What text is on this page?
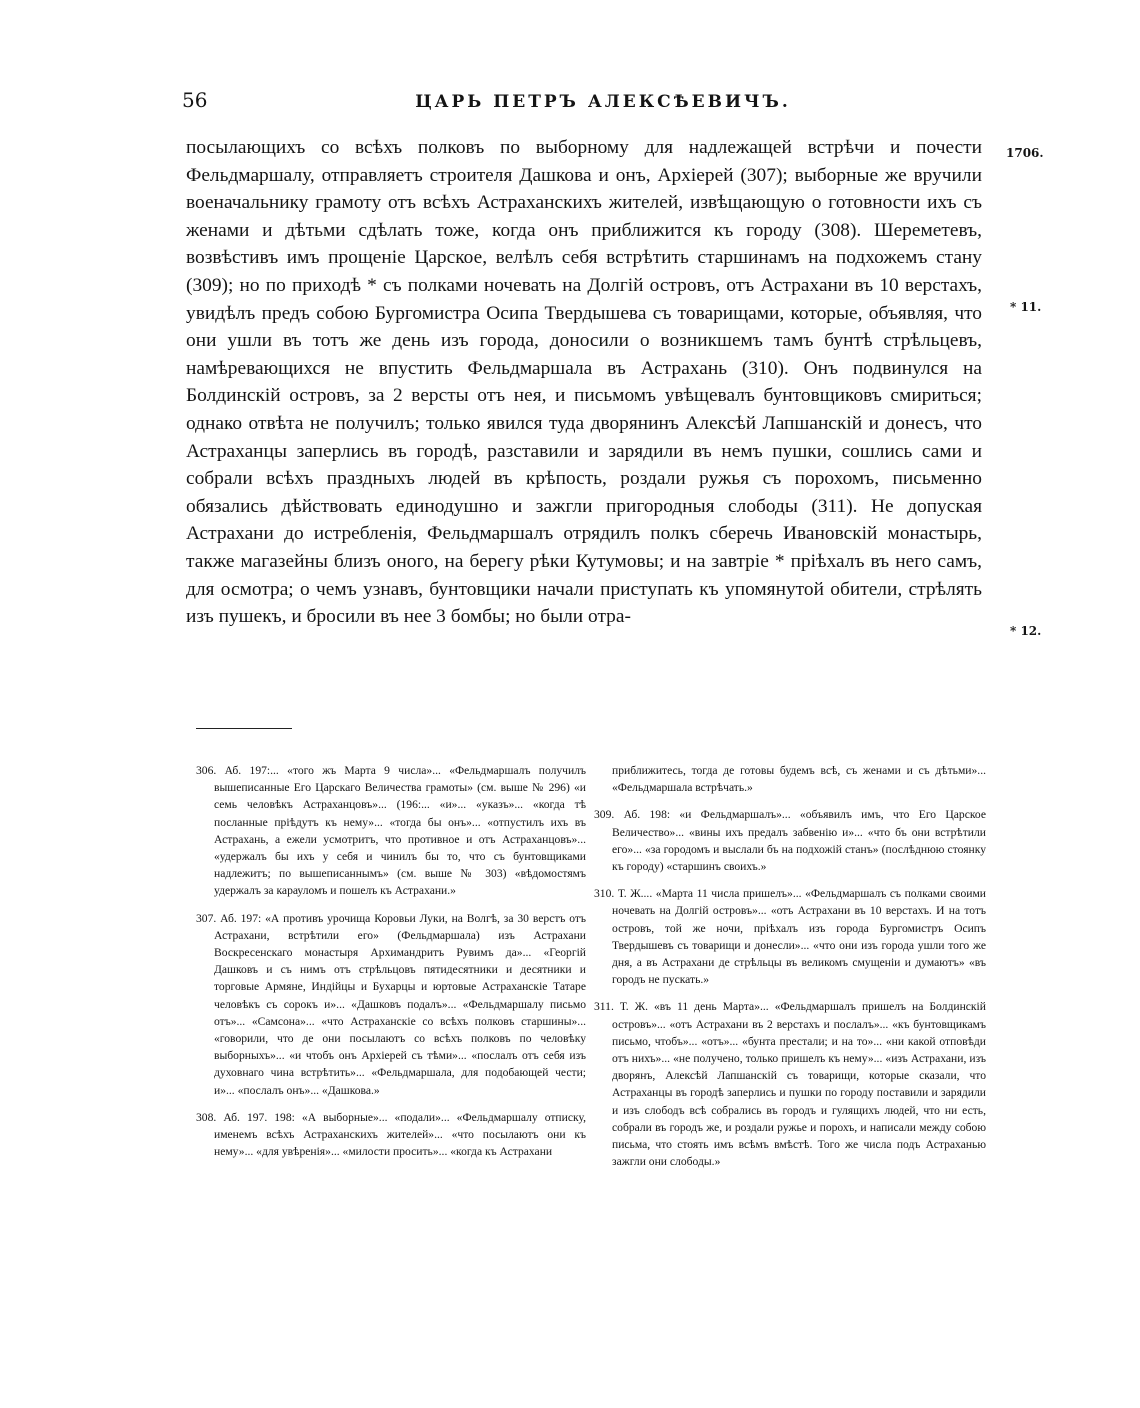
56	ЦАРЬ ПЕТРЪ АЛЕКСѢЕВИЧЪ.

посылающихъ со всѣхъ полковъ по выборному для надлежащей встрѣчи и почести Фельдмаршалу, отправляетъ строителя Дашкова и онъ, Архіерей (307); выборные же вручили военачальнику грамоту отъ всѣхъ Астраханскихъ жителей, извѣщающую о готовности ихъ съ женами и дѣтьми сдѣлать тоже, когда онъ приближится къ городу (308). Шереметевъ, возвѣстивъ имъ прощеніе Царское, велѣлъ себя встрѣтить старшинамъ на подхожемъ стану (309); но по приходѣ * съ полками ночевать на Долгій островъ, отъ Астрахани въ 10 верстахъ, увидѣлъ предъ собою Бургомистра Осипа Твердышева съ товарищами, которые, объявляя, что они ушли въ тотъ же день изъ города, доносили о возникшемъ тамъ бунтѣ стрѣльцевъ, намѣревающихся не впустить Фельдмаршала въ Астрахань (310). Онъ подвинулся на Болдинскій островъ, за 2 версты отъ нея, и письмомъ увѣщевалъ бунтовщиковъ смириться; однако отвѣта не получилъ; только явился туда дворянинъ Алексѣй Лапшанскій и донесъ, что Астраханцы заперлись въ городѣ, разставили и зарядили въ немъ пушки, сошлись сами и собрали всѣхъ праздныхъ людей въ крѣпость, роздали ружья съ порохомъ, письменно обязались дѣйствовать единодушно и зажгли пригородныя слободы (311). Не допуская Астрахани до истребленія, Фельдмаршалъ отрядилъ полкъ сберечь Ивановскій монастырь, также магазейны близъ оного, на берегу рѣки Кутумовы; и на завтріе * пріѣхалъ въ него самъ, для осмотра; о чемъ узнавъ, бунтовщики начали приступать къ упомянутой обители, стрѣлять изъ пушекъ, и бросили въ нее 3 бомбы; но были отра-

1706.
* 11.
* 12.

306. Аб. 197:... «того жъ Марта 9 числа»... «Фельдмаршалъ получилъ вышеписанные Его Царскаго Величества грамоты» (см. выше № 296) «и семь человѣкъ Астраханцовъ»... (196:... «и»... «указъ»... «когда тѣ посланные пріѣдутъ къ нему»... «тогда бы онъ»... «отпустилъ ихъ въ Астрахань, а ежели усмотритъ, что противное и отъ Астраханцовъ»... «удержалъ бы ихъ у себя и чинилъ бы то, что съ бунтовщиками надлежитъ; по вышеписаннымъ» (см. выше № 303) «вѣдомостямъ удержалъ за карауломъ и пошелъ къ Астрахани.»

307. Аб. 197: «А противъ урочища Коровьи Луки, на Волгѣ, за 30 верстъ отъ Астрахани, встрѣтили его» (Фельдмаршала) изъ Астрахани Воскресенскаго монастыря Архимандритъ Рувимъ да»... «Георгій Дашковъ и съ нимъ отъ стрѣльцовъ пятидесятники и десятники и торговые Армяне, Индійцы и Бухарцы и юртовые Астраханскіе Татаре человѣкъ съ сорокъ и»... «Дашковъ подалъ»... «Фельдмаршалу письмо отъ»... «Самсона»... «что Астраханскіе со всѣхъ полковъ старшины»... «говорили, что де они посылаютъ со всѣхъ полковъ по человѣку выборныхъ»... «и чтобъ онъ Архіерей съ тѣми»... «послалъ отъ себя изъ духовнаго чина встрѣтить»... «Фельдмаршала, для подобающей чести; и»... «послалъ онъ»... «Дашкова.»

308. Аб. 197. 198: «А выборные»... «подали»... «Фельдмаршалу отписку, именемъ всѣхъ Астраханскихъ жителей»... «что посылаютъ они къ нему»... «для увѣренія»... «милости просить»... «когда къ Астрахани

приближитесь, тогда де готовы будемъ всѣ, съ женами и съ дѣтьми»... «Фельдмаршала встрѣчать.»

309. Аб. 198: «и Фельдмаршалъ»... «объявилъ имъ, что Его Царское Величество»... «вины ихъ предалъ забвенію и»... «что бъ они встрѣтили его»... «за городомъ и выслали бъ на подхожій станъ» (послѣднюю стоянку къ городу) «старшинъ своихъ.»

310. Т. Ж.... «Марта 11 числа пришелъ»... «Фельдмаршалъ съ полками своими ночевать на Долгій островъ»... «отъ Астрахани въ 10 верстахъ. И на тотъ островъ, той же ночи, пріѣхалъ изъ города Бургомистръ Осипъ Твердышевъ съ товарищи и донесли»... «что они изъ города ушли того же дня, а въ Астрахани де стрѣльцы въ великомъ смущеніи и думаютъ» «въ городъ не пускать.»

311. Т. Ж. «въ 11 день Марта»... «Фельдмаршалъ пришелъ на Болдинскій островъ»... «отъ Астрахани въ 2 верстахъ и послалъ»... «къ бунтовщикамъ письмо, чтобъ»... «отъ»... «бунта престали; и на то»... «ни какой отповѣди отъ нихъ»... «не получено, только пришелъ къ нему»... «изъ Астрахани, изъ дворянъ, Алексѣй Лапшанскій съ товарищи, которые сказали, что Астраханцы въ городѣ заперлись и пушки по городу поставили и зарядили и изъ слободъ всѣ собрались въ городъ и гулящихъ людей, что ни есть, собрали въ городъ же, и роздали ружье и порохъ, и написали между собою письма, что стоять имъ всѣмъ вмѣстѣ. Того же числа подъ Астраханью зажгли они слободы.»
